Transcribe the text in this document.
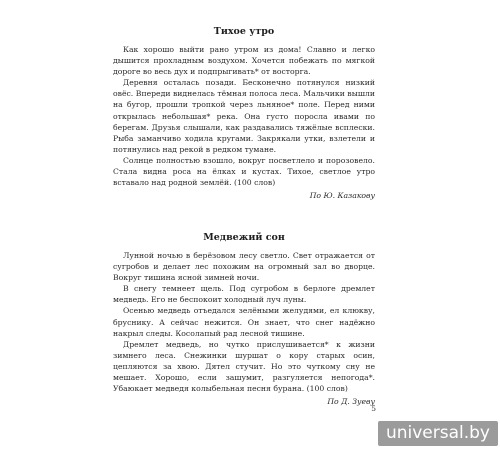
Тихое утро

Как хорошо выйти рано утром из дома! Славно и легко дышится прохладным воздухом. Хочется побежать по мягкой дороге во весь дух и подпрыгивать* от восторга.

Деревня осталась позади. Бесконечно потянулся низкий овёс. Впереди виднелась тёмная полоса леса. Мальчики вышли на бугор, прошли тропкой через льняное* поле. Перед ними открылась небольшая* река. Она густо поросла ивами по берегам. Друзья слышали, как раздавались тяжёлые всплески. Рыба заманчиво ходила кругами. Закрякали утки, взлетели и потянулись над рекой в редком тумане.

Солнце полностью взошло, вокруг посветлело и порозовело. Стала видна роса на ёлках и кустах. Тихое, светлое утро вставало над родной землёй. (100 слов)

По Ю. Казакову

Медвежий сон

Лунной ночью в берёзовом лесу светло. Свет отражается от сугробов и делает лес похожим на огромный зал во дворце. Вокруг тишина ясной зимней ночи.

В снегу темнеет щель. Под сугробом в берлоге дремлет медведь. Его не беспокоит холодный луч луны.

Осенью медведь отъедался зелёными желудями, ел клюкву, бруснику. А сейчас нежится. Он знает, что снег надёжно накрыл следы. Косолапый рад лесной тишине.

Дремлет медведь, но чутко прислушивается* к жизни зимнего леса. Снежинки шуршат о кору старых осин, цепляются за хвою. Дятел стучит. Но это чуткому сну не мешает. Хорошо, если зашумит, разгуляется непогода*. Убаюкает медведя колыбельная песня бурана. (100 слов)

По Д. Зуеву

5
universal.by
